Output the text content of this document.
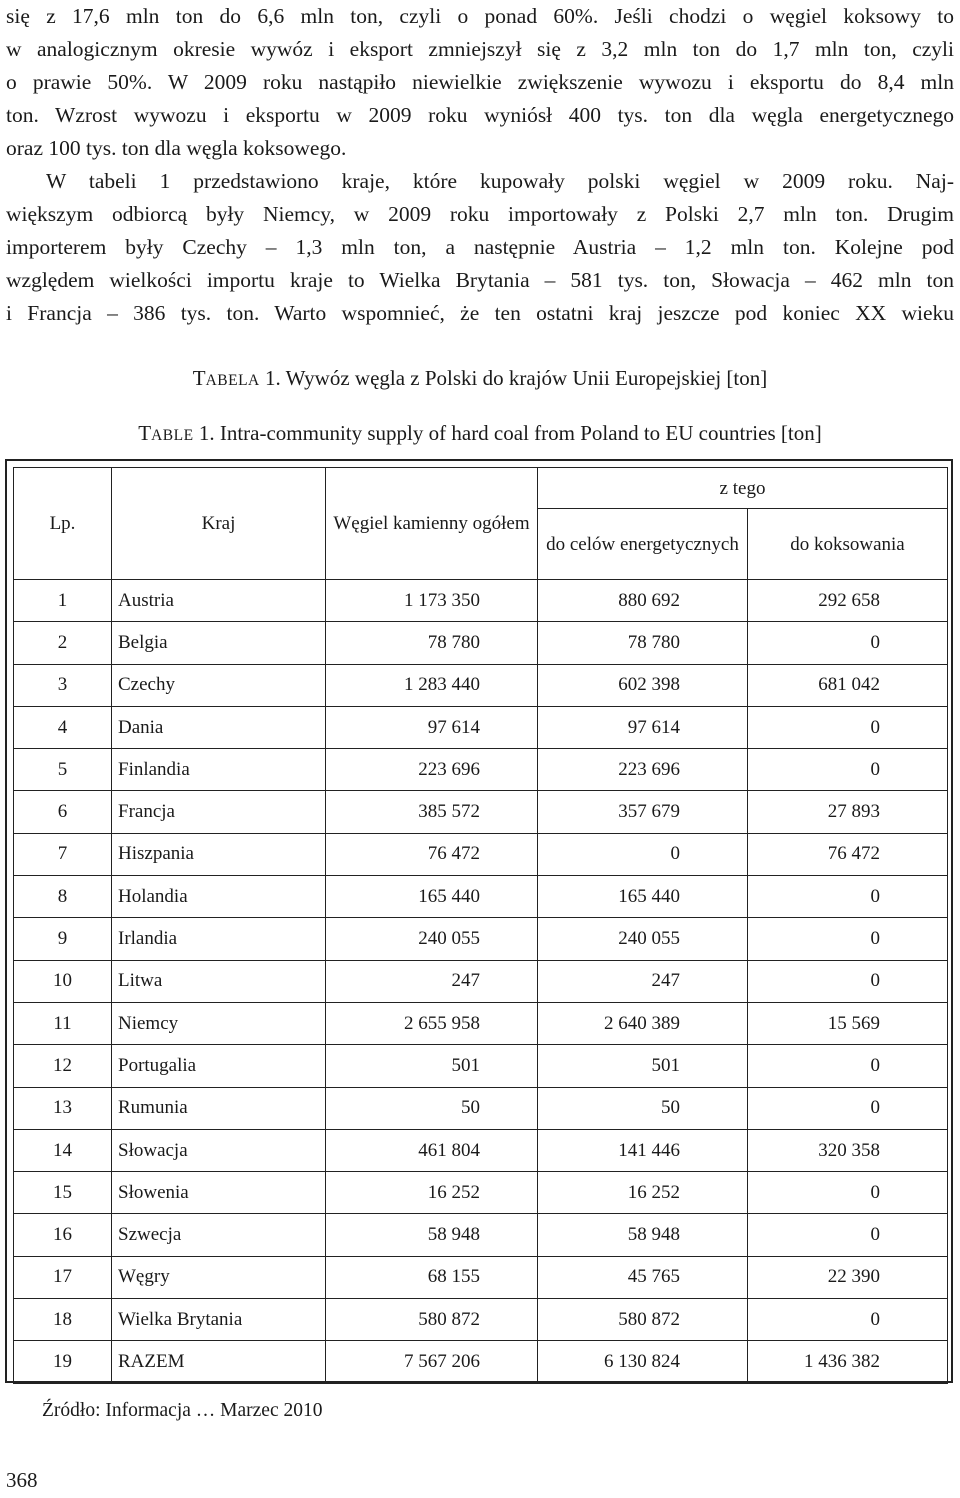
się z 17,6 mln ton do 6,6 mln ton, czyli o ponad 60%. Jeśli chodzi o węgiel koksowy to
w analogicznym okresie wywóz i eksport zmniejszył się z 3,2 mln ton do 1,7 mln ton, czyli
o prawie 50%. W 2009 roku nastąpiło niewielkie zwiększenie wywozu i eksportu do 8,4 mln
ton. Wzrost wywozu i eksportu w 2009 roku wyniósł 400 tys. ton dla węgla energetycznego
oraz 100 tys. ton dla węgla koksowego.
W tabeli 1 przedstawiono kraje, które kupowały polski węgiel w 2009 roku. Naj-
większym odbiorcą były Niemcy, w 2009 roku importowały z Polski 2,7 mln ton. Drugim
importerem były Czechy – 1,3 mln ton, a następnie Austria – 1,2 mln ton. Kolejne pod
względem wielkości importu kraje to Wielka Brytania – 581 tys. ton, Słowacja – 462 mln ton
i Francja – 386 tys. ton. Warto wspomnieć, że ten ostatni kraj jeszcze pod koniec XX wieku
TABELA 1. Wywóz węgla z Polski do krajów Unii Europejskiej [ton]
TABLE 1. Intra-community supply of hard coal from Poland to EU countries [ton]
Lp.	Kraj	Węgiel kamienny ogółem	z tego	
			do celów energetycznych	do koksowania
1	Austria	1 173 350	880 692	292 658
2	Belgia	78 780	78 780	0
3	Czechy	1 283 440	602 398	681 042
4	Dania	97 614	97 614	0
5	Finlandia	223 696	223 696	0
6	Francja	385 572	357 679	27 893
7	Hiszpania	76 472	0	76 472
8	Holandia	165 440	165 440	0
9	Irlandia	240 055	240 055	0
10	Litwa	247	247	0
11	Niemcy	2 655 958	2 640 389	15 569
12	Portugalia	501	501	0
13	Rumunia	50	50	0
14	Słowacja	461 804	141 446	320 358
15	Słowenia	16 252	16 252	0
16	Szwecja	58 948	58 948	0
17	Węgry	68 155	45 765	22 390
18	Wielka Brytania	580 872	580 872	0
19	RAZEM	7 567 206	6 130 824	1 436 382
Źródło: Informacja … Marzec 2010
368
